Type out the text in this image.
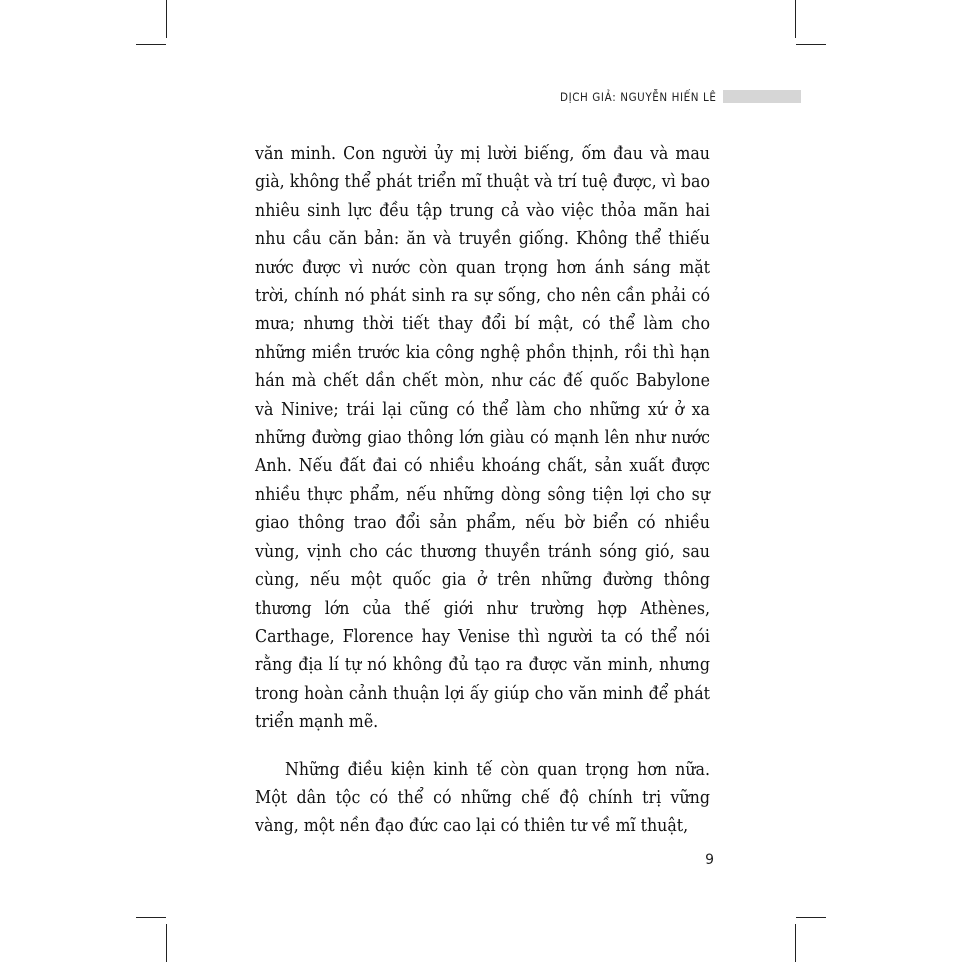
DỊCH GIẢ: NGUYỄN HIẾN LÊ

văn minh. Con người ủy mị lười biếng, ốm đau và mau già, không thể phát triển mĩ thuật và trí tuệ được, vì bao nhiêu sinh lực đều tập trung cả vào việc thỏa mãn hai nhu cầu căn bản: ăn và truyền giống. Không thể thiếu nước được vì nước còn quan trọng hơn ánh sáng mặt trời, chính nó phát sinh ra sự sống, cho nên cần phải có mưa; nhưng thời tiết thay đổi bí mật, có thể làm cho những miền trước kia công nghệ phồn thịnh, rồi thì hạn hán mà chết dần chết mòn, như các đế quốc Babylone và Ninive; trái lại cũng có thể làm cho những xứ ở xa những đường giao thông lớn giàu có mạnh lên như nước Anh. Nếu đất đai có nhiều khoáng chất, sản xuất được nhiều thực phẩm, nếu những dòng sông tiện lợi cho sự giao thông trao đổi sản phẩm, nếu bờ biển có nhiều vùng, vịnh cho các thương thuyền tránh sóng gió, sau cùng, nếu một quốc gia ở trên những đường thông thương lớn của thế giới như trường hợp Athènes, Carthage, Florence hay Venise thì người ta có thể nói rằng địa lí tự nó không đủ tạo ra được văn minh, nhưng trong hoàn cảnh thuận lợi ấy giúp cho văn minh để phát triển mạnh mẽ.

Những điều kiện kinh tế còn quan trọng hơn nữa. Một dân tộc có thể có những chế độ chính trị vững vàng, một nền đạo đức cao lại có thiên tư về mĩ thuật,

9
